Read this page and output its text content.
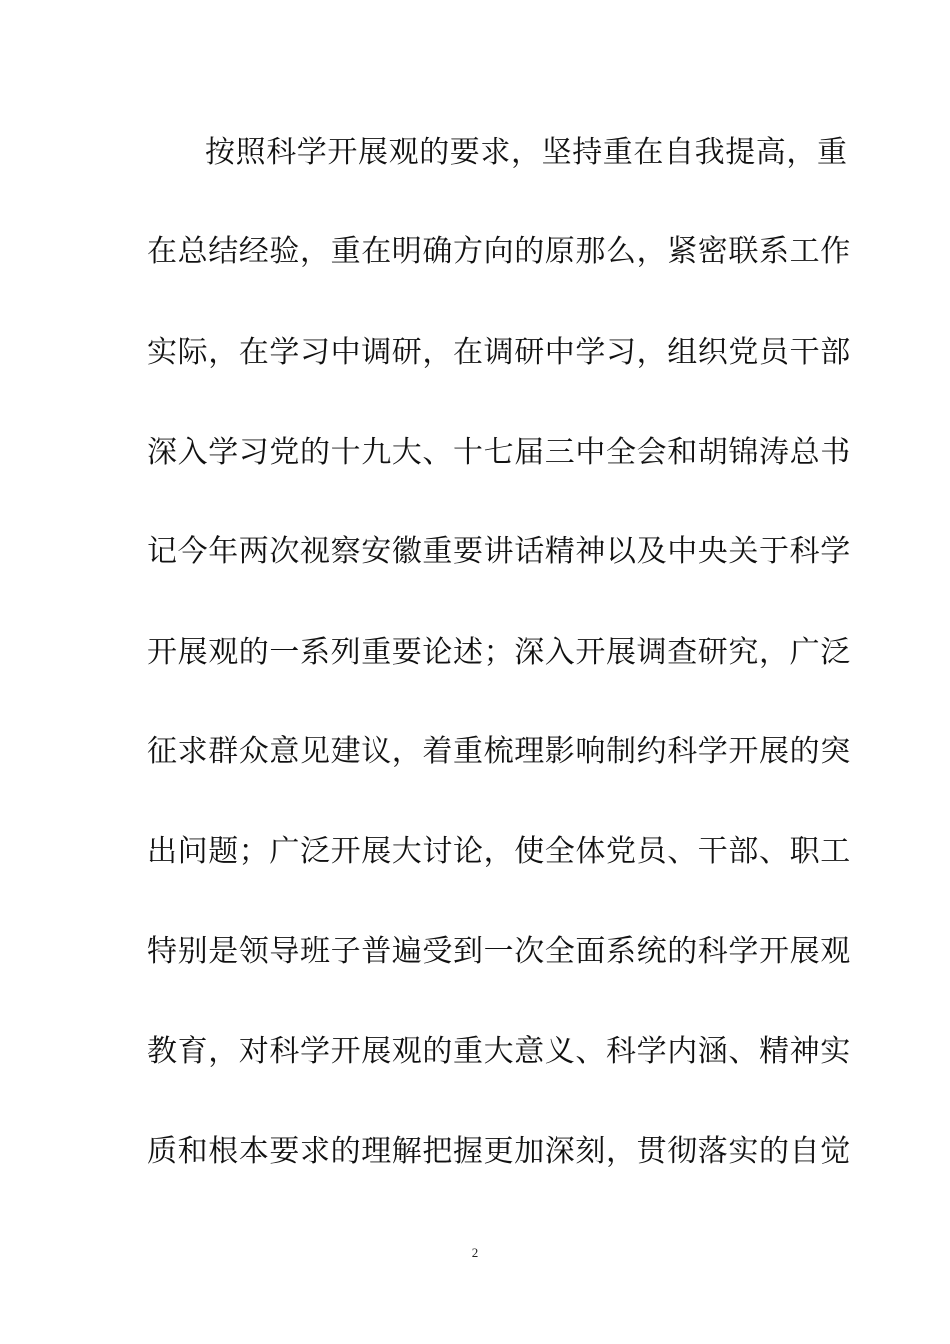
按照科学开展观的要求，坚持重在自我提高，重
在总结经验，重在明确方向的原那么，紧密联系工作
实际，在学习中调研，在调研中学习，组织党员干部
深入学习党的十九大、十七届三中全会和胡锦涛总书
记今年两次视察安徽重要讲话精神以及中央关于科学
开展观的一系列重要论述；深入开展调查研究，广泛
征求群众意见建议，着重梳理影响制约科学开展的突
出问题；广泛开展大讨论，使全体党员、干部、职工
特别是领导班子普遍受到一次全面系统的科学开展观
教育，对科学开展观的重大意义、科学内涵、精神实
质和根本要求的理解把握更加深刻，贯彻落实的自觉
2
